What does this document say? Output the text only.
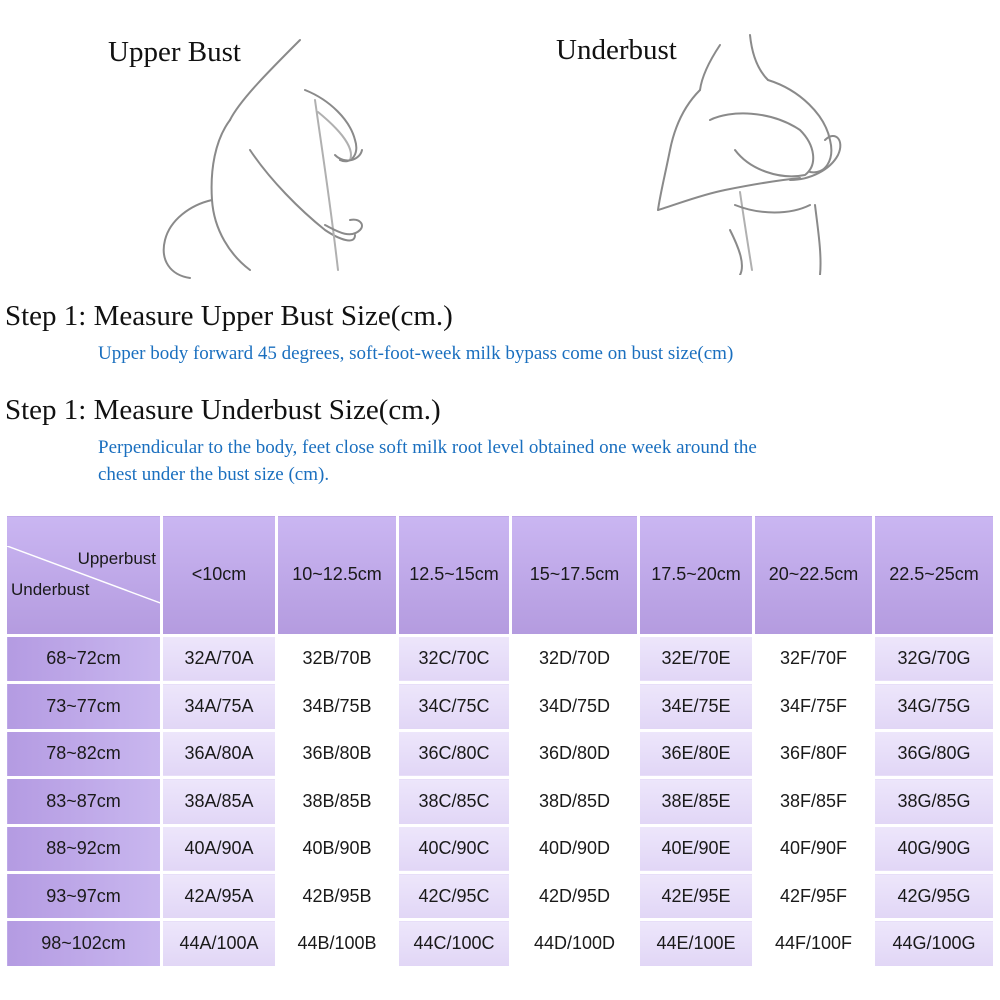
Upper Bust	Underbust
Step 1: Measure Upper Bust Size(cm.)
Upper body forward 45 degrees, soft-foot-week milk bypass come on bust size(cm)
Step 1: Measure Underbust Size(cm.)
Perpendicular to the body, feet close soft milk root level obtained one week around the
chest under the bust size (cm).
Upperbust
Underbust	<10cm	10~12.5cm	12.5~15cm	15~17.5cm	17.5~20cm	20~22.5cm	22.5~25cm
68~72cm	32A/70A	32B/70B	32C/70C	32D/70D	32E/70E	32F/70F	32G/70G
73~77cm	34A/75A	34B/75B	34C/75C	34D/75D	34E/75E	34F/75F	34G/75G
78~82cm	36A/80A	36B/80B	36C/80C	36D/80D	36E/80E	36F/80F	36G/80G
83~87cm	38A/85A	38B/85B	38C/85C	38D/85D	38E/85E	38F/85F	38G/85G
88~92cm	40A/90A	40B/90B	40C/90C	40D/90D	40E/90E	40F/90F	40G/90G
93~97cm	42A/95A	42B/95B	42C/95C	42D/95D	42E/95E	42F/95F	42G/95G
98~102cm	44A/100A	44B/100B	44C/100C	44D/100D	44E/100E	44F/100F	44G/100G
